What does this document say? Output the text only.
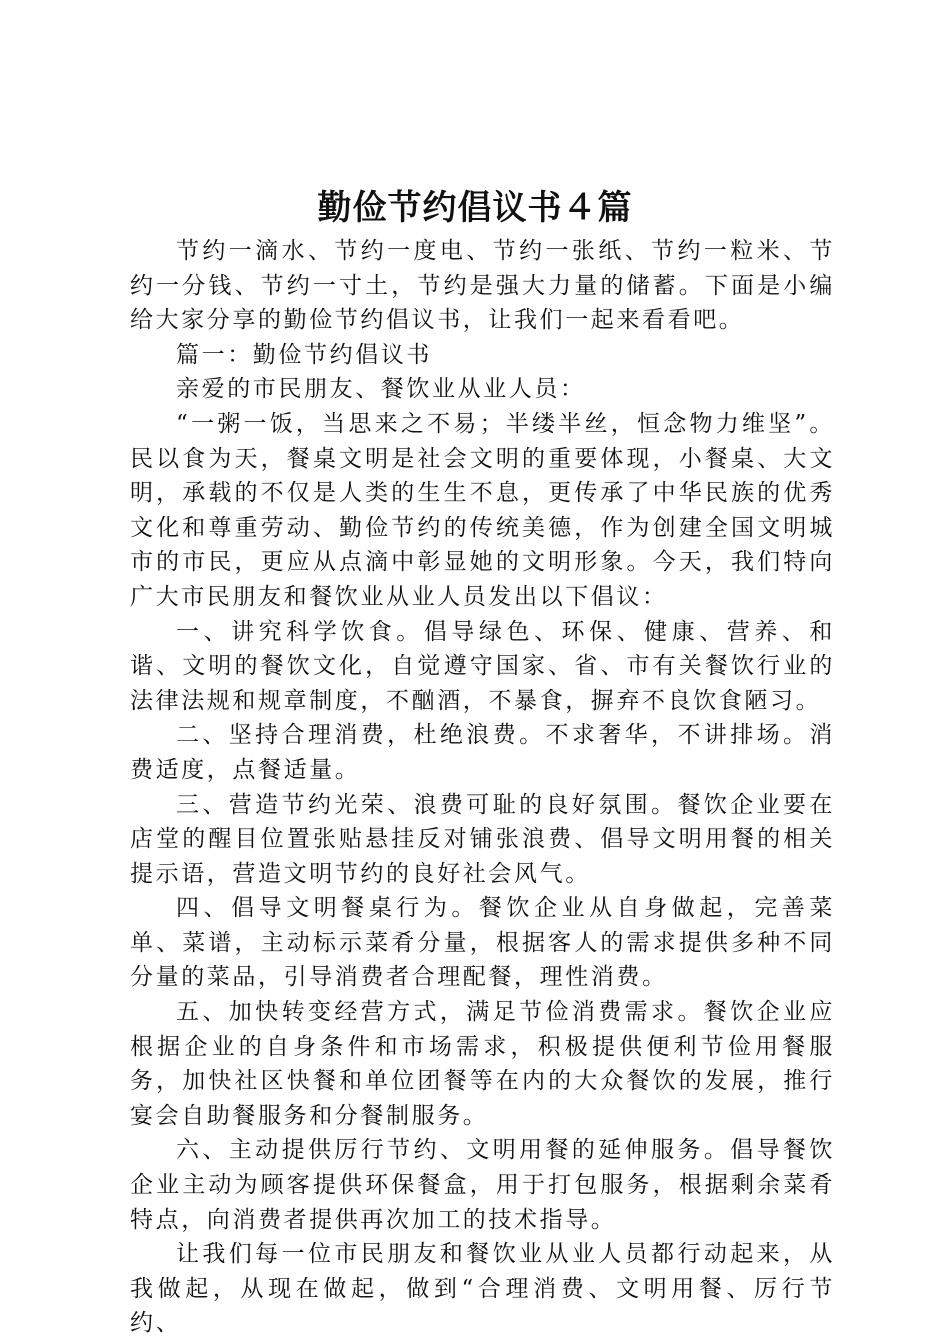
勤俭节约倡议书４篇

节约一滴水、节约一度电、节约一张纸、节约一粒米、节约一分钱、节约一寸土，节约是强大力量的储蓄。下面是小编给大家分享的勤俭节约倡议书，让我们一起来看看吧。

篇一：勤俭节约倡议书

亲爱的市民朋友、餐饮业从业人员：

“一粥一饭，当思来之不易；半缕半丝，恒念物力维坚”。民以食为天，餐桌文明是社会文明的重要体现，小餐桌、大文明，承载的不仅是人类的生生不息，更传承了中华民族的优秀文化和尊重劳动、勤俭节约的传统美德，作为创建全国文明城市的市民，更应从点滴中彰显她的文明形象。今天，我们特向广大市民朋友和餐饮业从业人员发出以下倡议：

一、讲究科学饮食。倡导绿色、环保、健康、营养、和谐、文明的餐饮文化，自觉遵守国家、省、市有关餐饮行业的法律法规和规章制度，不酗酒，不暴食，摒弃不良饮食陋习。

二、坚持合理消费，杜绝浪费。不求奢华，不讲排场。消费适度，点餐适量。

三、营造节约光荣、浪费可耻的良好氛围。餐饮企业要在店堂的醒目位置张贴悬挂反对铺张浪费、倡导文明用餐的相关提示语，营造文明节约的良好社会风气。

四、倡导文明餐桌行为。餐饮企业从自身做起，完善菜单、菜谱，主动标示菜肴分量，根据客人的需求提供多种不同分量的菜品，引导消费者合理配餐，理性消费。

五、加快转变经营方式，满足节俭消费需求。餐饮企业应根据企业的自身条件和市场需求，积极提供便利节俭用餐服务，加快社区快餐和单位团餐等在内的大众餐饮的发展，推行宴会自助餐服务和分餐制服务。

六、主动提供厉行节约、文明用餐的延伸服务。倡导餐饮企业主动为顾客提供环保餐盒，用于打包服务，根据剩余菜肴特点，向消费者提供再次加工的技术指导。

让我们每一位市民朋友和餐饮业从业人员都行动起来，从我做起，从现在做起，做到“合理消费、文明用餐、厉行节约、
